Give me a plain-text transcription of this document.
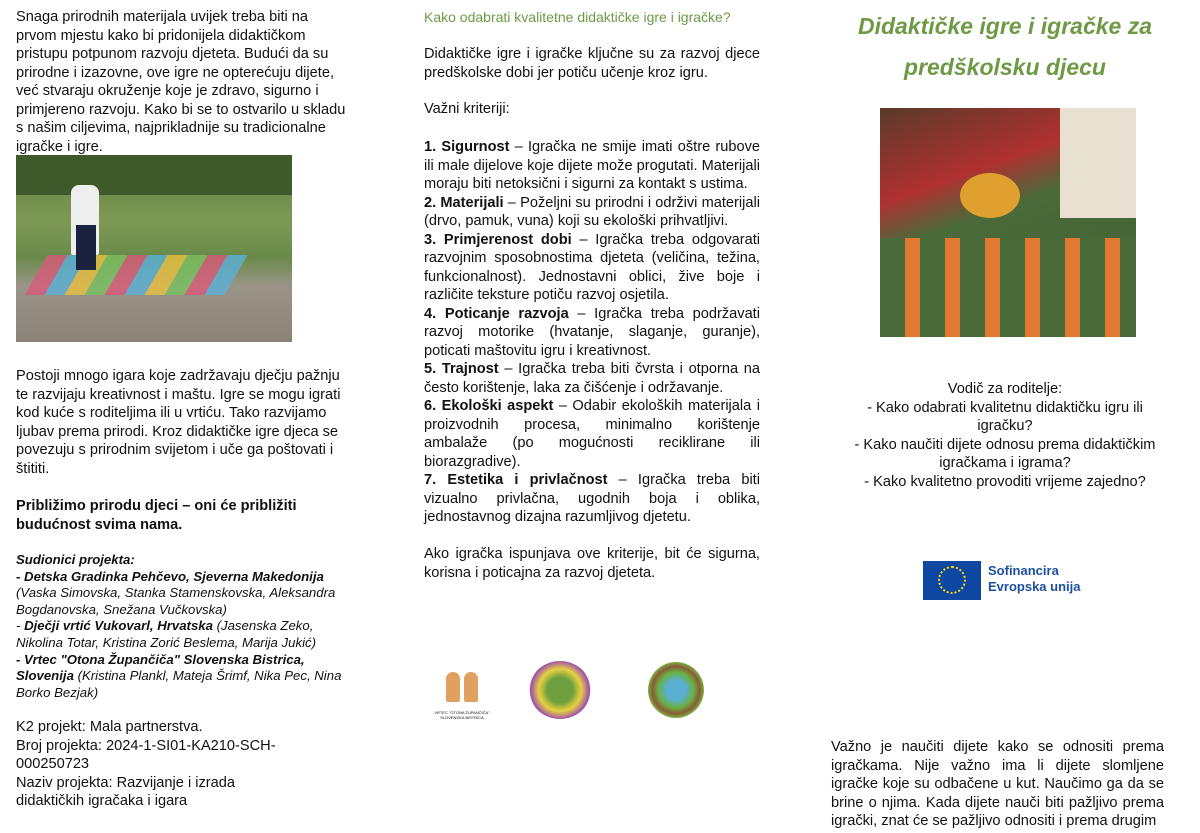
Snaga prirodnih materijala uvijek treba biti na prvom mjestu kako bi pridonijela didaktičkom pristupu potpunom razvoju djeteta. Budući da su prirodne i izazovne, ove igre ne opterećuju dijete, već stvaraju okruženje koje je zdravo, sigurno i primjereno razvoju. Kako bi se to ostvarilo u skladu s našim ciljevima, najprikladnije su tradicionalne igračke i igre.

Postoji mnogo igara koje zadržavaju dječju pažnju te razvijaju kreativnost i maštu. Igre se mogu igrati kod kuće s roditeljima ili u vrtiću. Tako razvijamo ljubav prema prirodi. Kroz didaktičke igre djeca se povezuju s prirodnim svijetom i uče ga poštovati i štititi.

Približimo prirodu djeci – oni će približiti budućnost svima nama.

Sudionici projekta:

- Detska Gradinka Pehčevo, Sjeverna Makedonija (Vaska Simovska, Stanka Stamenskovska, Aleksandra Bogdanovska, Snežana Vučkovska)

- Dječji vrtić Vukovarl, Hrvatska (Jasenska Zeko, Nikolina Totar, Kristina Zorić Beslema, Marija Jukić)

- Vrtec "Otona Župančiča" Slovenska Bistrica, Slovenija (Kristina Plankl, Mateja Šrimf, Nika Pec, Nina Borko Bezjak)

K2 projekt: Mala partnerstva.

Broj projekta: 2024-1-SI01-KA210-SCH-000250723

Naziv projekta: Razvijanje i izrada didaktičkih igračaka i igara

Kako odabrati kvalitetne didaktičke igre i igračke?

Didaktičke igre i igračke ključne su za razvoj djece predškolske dobi jer potiču učenje kroz igru.

Važni kriteriji:

1. Sigurnost – Igračka ne smije imati oštre rubove ili male dijelove koje dijete može progutati. Materijali moraju biti netoksični i sigurni za kontakt s ustima.

2. Materijali – Poželjni su prirodni i održivi materijali (drvo, pamuk, vuna) koji su ekološki prihvatljivi.

3. Primjerenost dobi – Igračka treba odgovarati razvojnim sposobnostima djeteta (veličina, težina, funkcionalnost). Jednostavni oblici, žive boje i različite teksture potiču razvoj osjetila.

4. Poticanje razvoja – Igračka treba podržavati razvoj motorike (hvatanje, slaganje, guranje), poticati maštovitu igru i kreativnost.

5. Trajnost – Igračka treba biti čvrsta i otporna na često korištenje, laka za čišćenje i održavanje.

6. Ekološki aspekt – Odabir ekoloških materijala i proizvodnih procesa, minimalno korištenje ambalaže (po mogućnosti reciklirane ili biorazgradive).

7. Estetika i privlačnost – Igračka treba biti vizualno privlačna, ugodnih boja i oblika, jednostavnog dizajna razumljivog djetetu.

Ako igračka ispunjava ove kriterije, bit će sigurna, korisna i poticajna za razvoj djeteta.

VRTEC "OTONA ŽUPANČIČA" SLOVENSKA BISTRICA

Didaktičke igre i igračke za

predškolsku djecu

Vodič za roditelje:

- Kako odabrati kvalitetnu didaktičku igru ili igračku?

- Kako naučiti dijete odnosu prema didaktičkim igračkama i igrama?

- Kako kvalitetno provoditi vrijeme zajedno?

Sofinancira

Evropska unija

Važno je naučiti dijete kako se odnositi prema igračkama. Nije važno ima li dijete slomljene igračke koje su odbačene u kut. Naučimo ga da se brine o njima. Kada dijete nauči biti pažljivo prema igrački, znat će se pažljivo odnositi i prema drugim
